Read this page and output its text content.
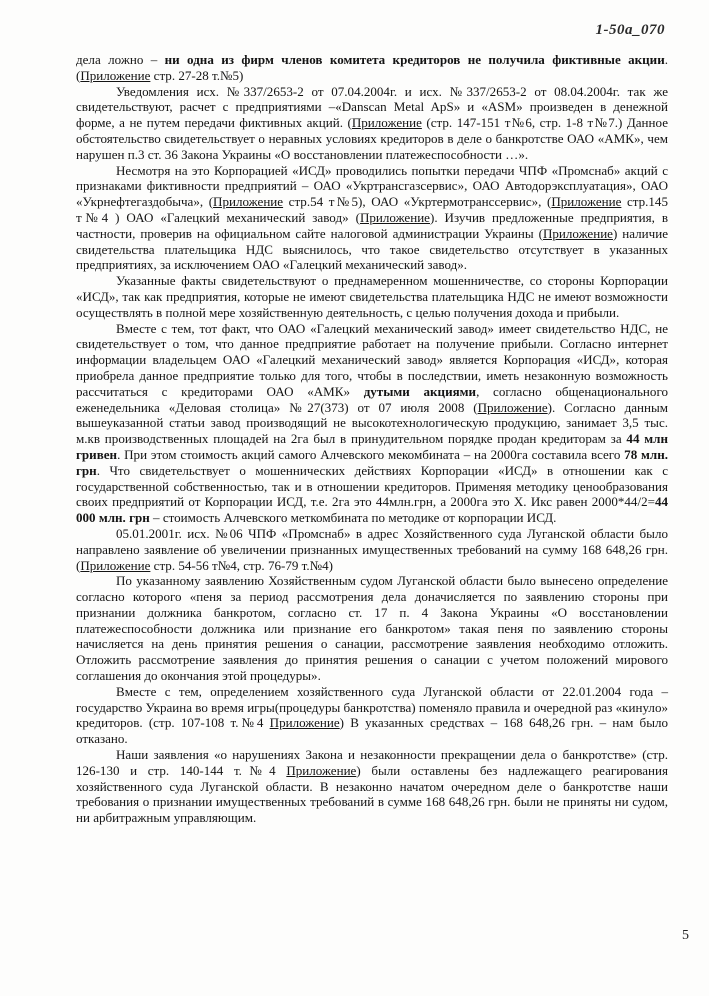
1-50а_070

дела ложно – ни одна из фирм членов комитета кредиторов не получила фиктивные акции. (Приложение стр. 27-28 т.№5)

Уведомления исх. №337/2653-2 от 07.04.2004г. и исх. №337/2653-2 от 08.04.2004г. так же свидетельствуют, расчет с предприятиями –«Danscan Metal ApS» и «ASM» произведен в денежной форме, а не путем передачи фиктивных акций. (Приложение (стр. 147-151 т№6, стр. 1-8 т№7.) Данное обстоятельство свидетельствует о неравных условиях кредиторов в деле о банкротстве ОАО «АМК», чем нарушен п.3 ст. 36 Закона Украины «О восстановлении платежеспособности …».

Несмотря на это Корпорацией «ИСД» проводились попытки передачи ЧПФ «Промснаб» акций с признаками фиктивности предприятий – ОАО «Укртрансгазсервис», ОАО Автодорэксплуатация», ОАО «Укрнефтегаздобыча», (Приложение стр.54 т№5), ОАО «Укртермотранссервис», (Приложение стр.145 т№4 ) ОАО «Галецкий механический завод» (Приложение). Изучив предложенные предприятия, в частности, проверив на официальном сайте налоговой администрации Украины (Приложение) наличие свидетельства плательщика НДС выяснилось, что такое свидетельство отсутствует в указанных предприятиях, за исключением ОАО «Галецкий механический завод».

Указанные факты свидетельствуют о преднамеренном мошенничестве, со стороны Корпорации «ИСД», так как предприятия, которые не имеют свидетельства плательщика НДС не имеют возможности осуществлять в полной мере хозяйственную деятельность, с целью получения дохода и прибыли.

Вместе с тем, тот факт, что ОАО «Галецкий механический завод» имеет свидетельство НДС, не свидетельствует о том, что данное предприятие работает на получение прибыли. Согласно интернет информации владельцем ОАО «Галецкий механический завод» является Корпорация «ИСД», которая приобрела данное предприятие только для того, чтобы в последствии, иметь незаконную возможность рассчитаться с кредиторами ОАО «АМК» дутыми акциями, согласно общенационального еженедельника «Деловая столица» №27(373) от 07 июля 2008 (Приложение). Согласно данным вышеуказанной статьи завод производящий не высокотехнологическую продукцию, занимает 3,5 тыс. м.кв производственных площадей на 2га был в принудительном порядке продан кредиторам за 44 млн гривен. При этом стоимость акций самого Алчевского мекомбината – на 2000га составила всего 78 млн. грн. Что свидетельствует о мошеннических действиях Корпорации «ИСД» в отношении как с государственной собственностью, так и в отношении кредиторов. Применяя методику ценообразования своих предприятий от Корпорации ИСД, т.е. 2га это 44млн.грн, а 2000га это Х. Икс равен 2000*44/2=44 000 млн. грн – стоимость Алчевского меткомбината по методике от корпорации ИСД.

05.01.2001г. исх. №06 ЧПФ «Промснаб» в адрес Хозяйственного суда Луганской области было направлено заявление об увеличении признанных имущественных требований на сумму 168 648,26 грн. (Приложение стр. 54-56 т№4, стр. 76-79 т.№4)

По указанному заявлению Хозяйственным судом Луганской области было вынесено определение согласно которого «пеня за период рассмотрения дела доначисляется по заявлению стороны при признании должника банкротом, согласно ст. 17 п. 4 Закона Украины «О восстановлении платежеспособности должника или признание его банкротом» такая пеня по заявлению стороны начисляется на день принятия решения о санации, рассмотрение заявления необходимо отложить. Отложить рассмотрение заявления до принятия решения о санации с учетом положений мирового соглашения до окончания этой процедуры».

Вместе с тем, определением хозяйственного суда Луганской области от 22.01.2004 года – государство Украина во время игры(процедуры банкротства) поменяло правила и очередной раз «кинуло» кредиторов. (стр. 107-108 т.№4 Приложение) В указанных средствах – 168 648,26 грн. – нам было отказано.

Наши заявления «о нарушениях Закона и незаконности прекращении дела о банкротстве» (стр. 126-130 и стр. 140-144 т.№4 Приложение) были оставлены без надлежащего реагирования хозяйственного суда Луганской области. В незаконно начатом очередном деле о банкротстве наши требования о признании имущественных требований в сумме 168 648,26 грн. были не приняты ни судом, ни арбитражным управляющим.

5
